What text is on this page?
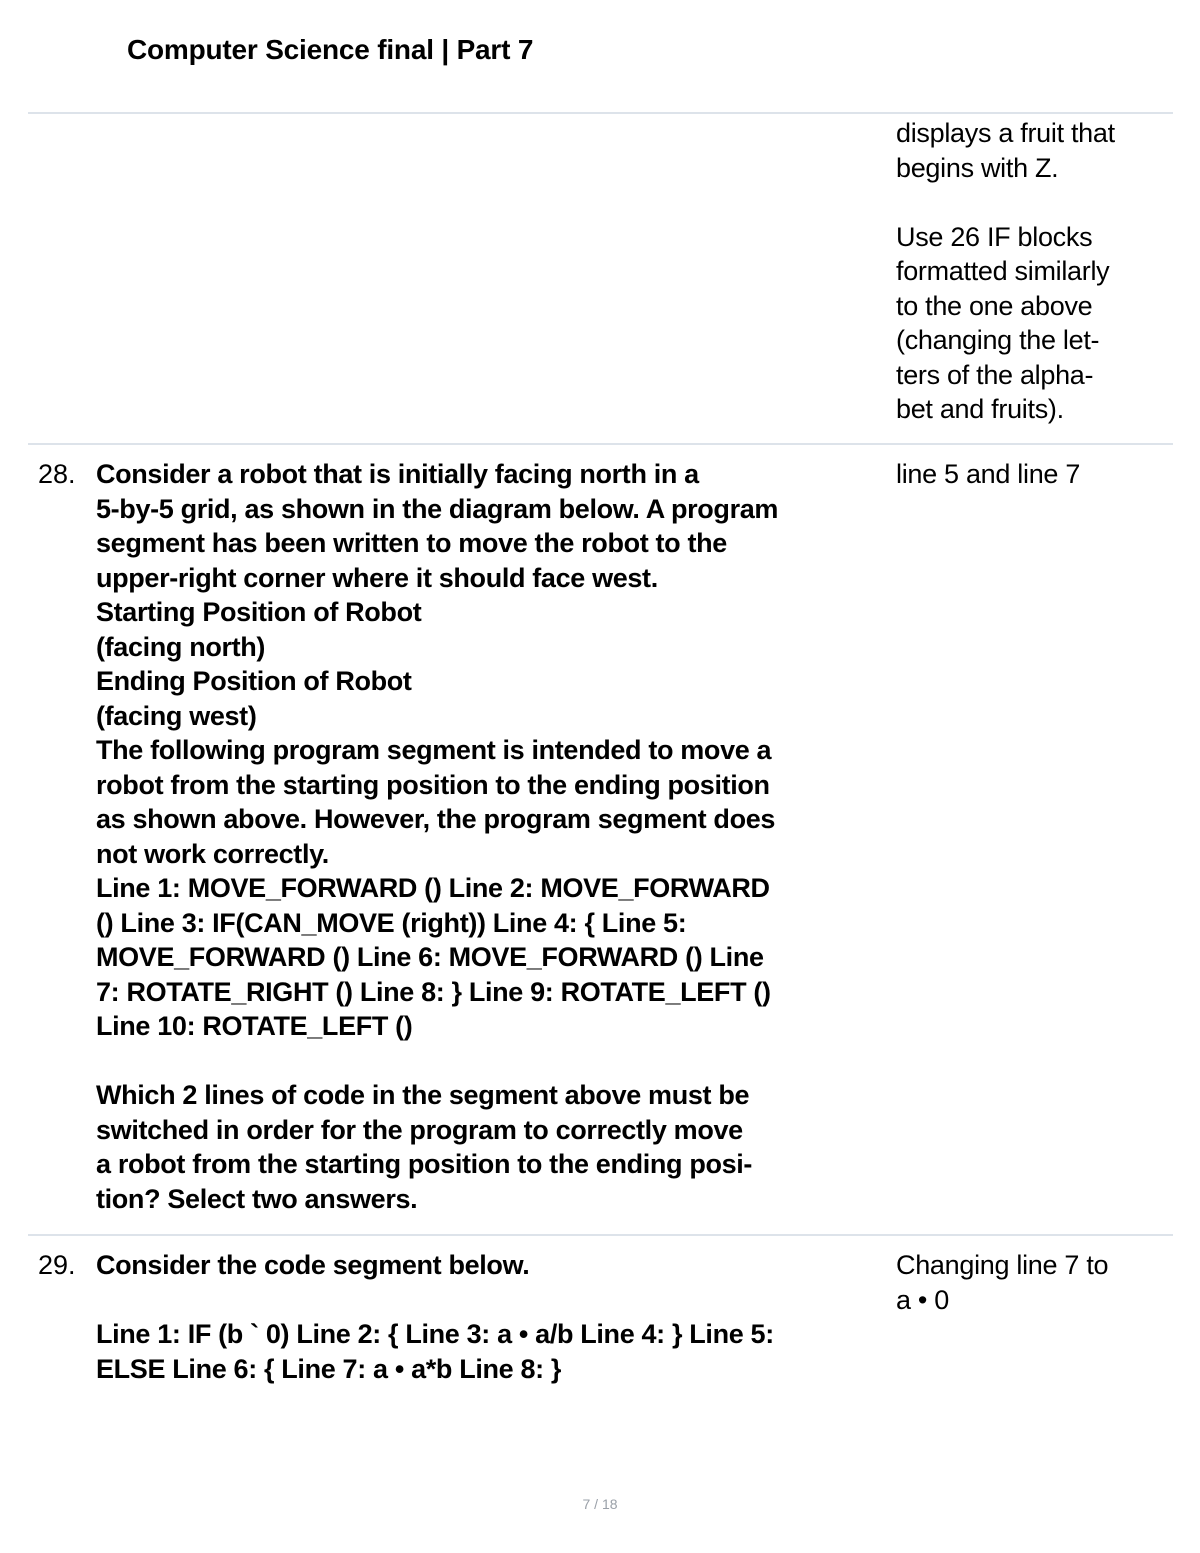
Computer Science final | Part 7

displays a fruit that

begins with Z.

Use 26 IF blocks

formatted similarly

to the one above

(changing the let-

ters of the alpha-

bet and fruits).

28. Consider a robot that is initially facing north in a

5-by-5 grid, as shown in the diagram below. A program

segment has been written to move the robot to the

upper-right corner where it should face west.

Starting Position of Robot

(facing north)

Ending Position of Robot

(facing west)

The following program segment is intended to move a

robot from the starting position to the ending position

as shown above. However, the program segment does

not work correctly.

Line 1: MOVE_FORWARD () Line 2: MOVE_FORWARD

() Line 3: IF(CAN_MOVE (right)) Line 4: { Line 5:

MOVE_FORWARD () Line 6: MOVE_FORWARD () Line

7: ROTATE_RIGHT () Line 8: } Line 9: ROTATE_LEFT ()

Line 10: ROTATE_LEFT ()

Which 2 lines of code in the segment above must be

switched in order for the program to correctly move

a robot from the starting position to the ending posi-

tion? Select two answers.

line 5 and line 7

29. Consider the code segment below.

Line 1: IF (b ` 0) Line 2: { Line 3: a • a/b Line 4: } Line 5:

ELSE Line 6: { Line 7: a • a*b Line 8: }

Changing line 7 to

a • 0

7 / 18
